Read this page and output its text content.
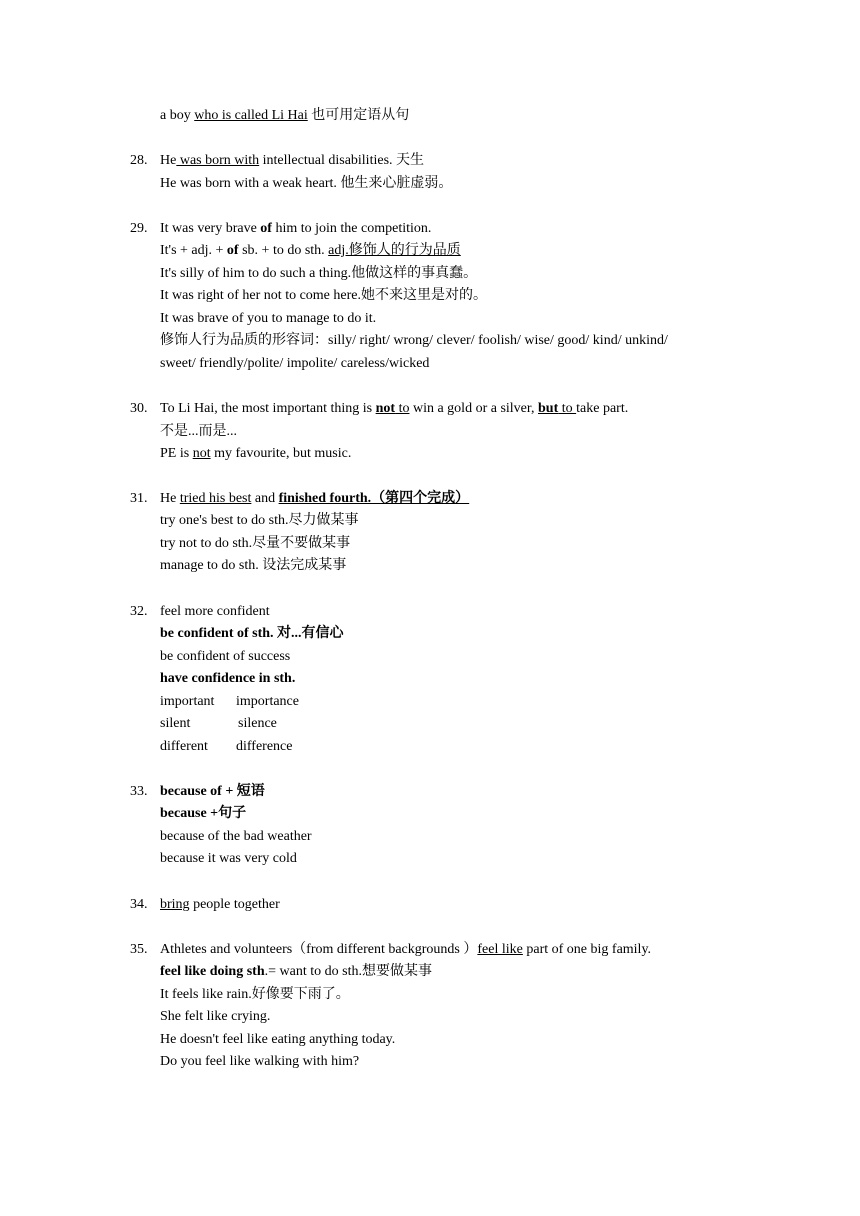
a boy who is called Li Hai 也可用定语从句
28. He was born with intellectual disabilities. 天生
He was born with a weak heart. 他生来心脏虚弱。
29. It was very brave of him to join the competition.
It's + adj. + of sb. + to do sth. adj.修饰人的行为品质
It's silly of him to do such a thing.他做这样的事真蠢。
It was right of her not to come here.她不来这里是对的。
It was brave of you to manage to do it.
修饰人行为品质的形容词：silly/ right/ wrong/ clever/ foolish/ wise/ good/ kind/ unkind/
sweet/ friendly/polite/ impolite/ careless/wicked
30. To Li Hai, the most important thing is not to win a gold or a silver, but to take part.
不是...而是...
PE is not my favourite, but music.
31. He tried his best and finished fourth.（第四个完成）
try one's best to do sth.尽力做某事
try not to do sth.尽量不要做某事
manage to do sth. 设法完成某事
32. feel more confident
be confident of sth. 对...有信心
be confident of success
have confidence in sth.
important importance
silent	silence
different difference
33. because of + 短语
because +句子
because of the bad weather
because it was very cold
34. bring people together
35. Athletes and volunteers（from different backgrounds ）feel like part of one big family.
feel like doing sth.= want to do sth.想要做某事
It feels like rain.好像要下雨了。
She felt like crying.
He doesn't feel like eating anything today.
Do you feel like walking with him?
